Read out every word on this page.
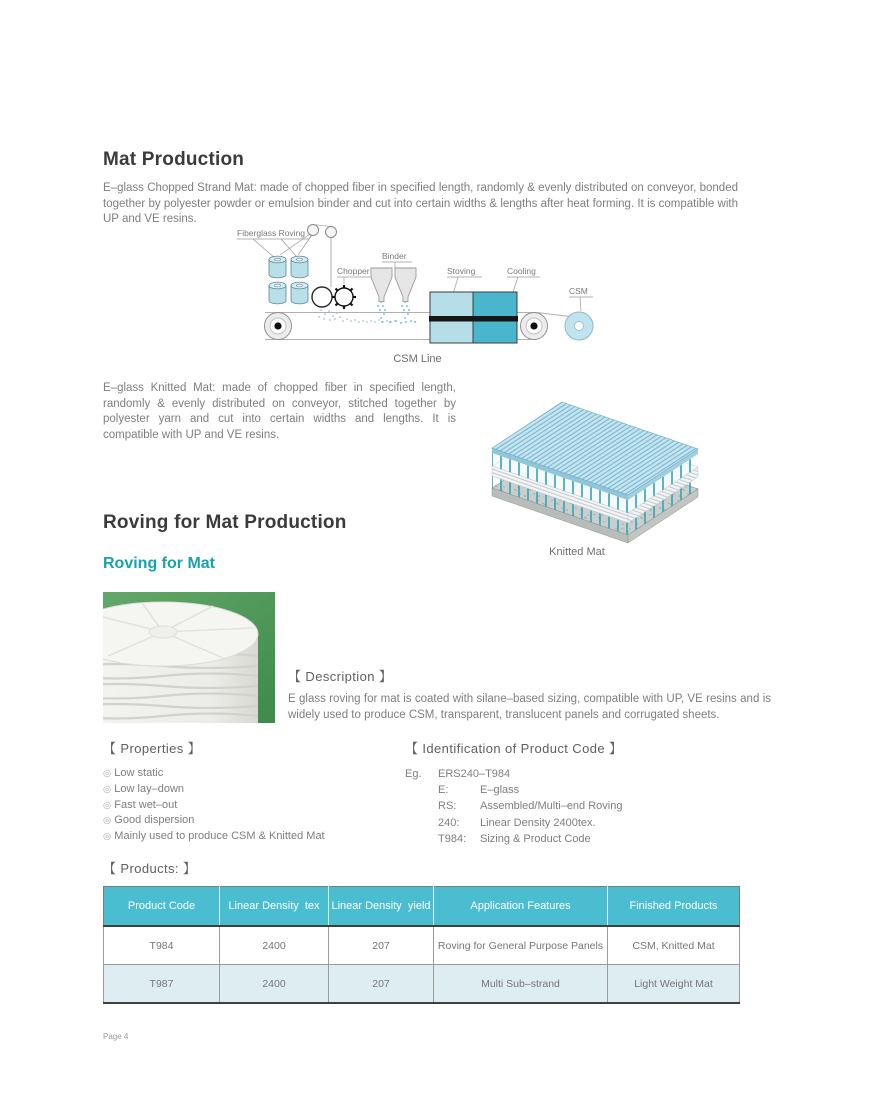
Mat Production
E–glass Chopped Strand Mat: made of chopped fiber in specified length, randomly & evenly distributed on conveyor, bonded together by polyester powder or emulsion binder and cut into certain widths & lengths after heat forming. It is compatible with UP and VE resins.
Fiberglass Roving
Chopper
Binder
Stoving	Cooling
CSM
CSM Line
E–glass Knitted Mat: made of chopped fiber in specified length, randomly & evenly distributed on conveyor, stitched together by polyester yarn and cut into certain widths and lengths. It is compatible with UP and VE resins.
Knitted Mat
Roving for Mat Production
Roving for Mat
【 Description 】
E glass roving for mat is coated with silane–based sizing, compatible with UP, VE resins and is widely used to produce CSM, transparent, translucent panels and corrugated sheets.
【 Properties 】
◎ Low static
◎ Low lay–down
◎ Fast wet–out
◎ Good dispersion
◎ Mainly used to produce CSM & Knitted Mat
【 Identification of Product Code 】
Eg.	ERS240–T984
E:	E–glass
RS:	Assembled/Multi–end Roving
240:	Linear Density 2400tex.
T984:	Sizing & Product Code
【 Products: 】
Product Code	Linear Density  tex	Linear Density  yield	Application Features	Finished Products
T984	2400	207	Roving for General Purpose Panels	CSM, Knitted Mat
T987	2400	207	Multi Sub–strand	Light Weight Mat
Page 4
